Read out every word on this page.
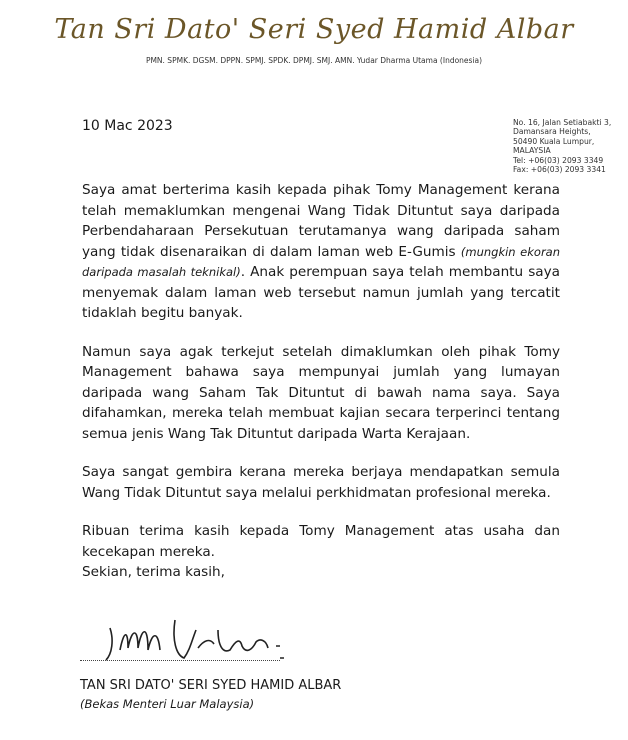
Tan Sri Dato' Seri Syed Hamid Albar
PMN. SPMK. DGSM. DPPN. SPMJ. SPDK. DPMJ. SMJ. AMN. Yudar Dharma Utama (Indonesia)
10 Mac 2023	No. 16, Jalan Setiabakti 3,
Damansara Heights,
50490 Kuala Lumpur,
MALAYSIA
Tel: +06(03) 2093 3349
Fax: +06(03) 2093 3341

Saya amat berterima kasih kepada pihak Tomy Management kerana telah memaklumkan mengenai Wang Tidak Dituntut saya daripada Perbendaharaan Persekutuan terutamanya wang daripada saham yang tidak disenaraikan di dalam laman web E-Gumis (mungkin ekoran daripada masalah teknikal). Anak perempuan saya telah membantu saya menyemak dalam laman web tersebut namun jumlah yang tercatit tidaklah begitu banyak.

Namun saya agak terkejut setelah dimaklumkan oleh pihak Tomy Management bahawa saya mempunyai jumlah yang lumayan daripada wang Saham Tak Dituntut di bawah nama saya. Saya difahamkan, mereka telah membuat kajian secara terperinci tentang semua jenis Wang Tak Dituntut daripada Warta Kerajaan.

Saya sangat gembira kerana mereka berjaya mendapatkan semula Wang Tidak Dituntut saya melalui perkhidmatan profesional mereka.

Ribuan terima kasih kepada Tomy Management atas usaha dan kecekapan mereka.

Sekian, terima kasih,
TAN SRI DATO' SERI SYED HAMID ALBAR
(Bekas Menteri Luar Malaysia)
